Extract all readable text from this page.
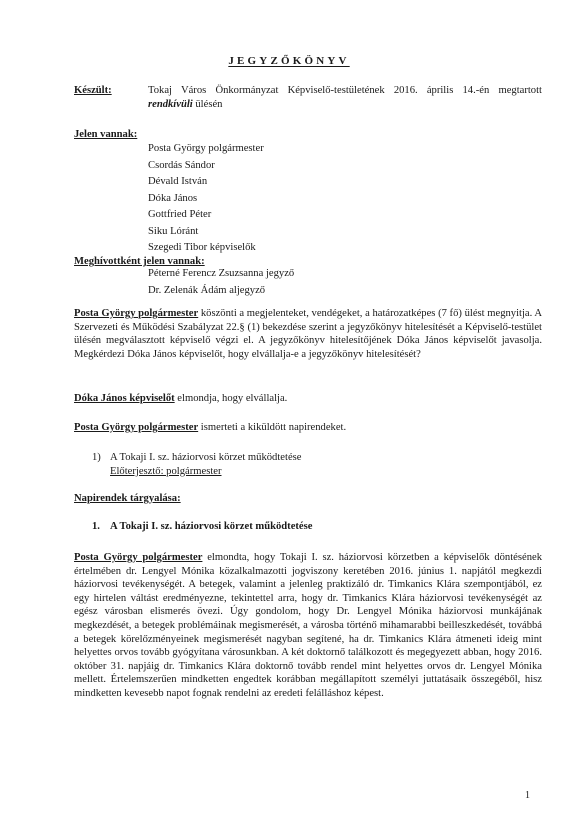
JEGYZŐKÖNYV
Készült:	Tokaj Város Önkormányzat Képviselő-testületének 2016. április 14.-én megtartott rendkívüli ülésén
Jelen vannak:
Posta György polgármester
Csordás Sándor
Dévald István
Dóka János
Gottfried Péter
Siku Lóránt
Szegedi Tibor képviselők
Meghívottként jelen vannak:
Péterné Ferencz Zsuzsanna jegyző
Dr. Zelenák Ádám aljegyző
Posta György polgármester köszönti a megjelenteket, vendégeket, a határozatképes (7 fő) ülést megnyitja. A Szervezeti és Működési Szabályzat 22.§ (1) bekezdése szerint a jegyzőkönyv hitelesítését a Képviselő-testület ülésén megválasztott képviselő végzi el. A jegyzőkönyv hitelesítőjének Dóka János képviselőt javasolja. Megkérdezi Dóka János képviselőt, hogy elvállalja-e a jegyzőkönyv hitelesítését?
Dóka János képviselőt elmondja, hogy elvállalja.
Posta György polgármester ismerteti a kiküldött napirendeket.
1) A Tokaji I. sz. háziorvosi körzet működtetése
Előterjesztő: polgármester
Napirendek tárgyalása:
1. A Tokaji I. sz. háziorvosi körzet működtetése
Posta György polgármester elmondta, hogy Tokaji I. sz. háziorvosi körzetben a képviselők döntésének értelmében dr. Lengyel Mónika közalkalmazotti jogviszony keretében 2016. június 1. napjától megkezdi háziorvosi tevékenységét. A betegek, valamint a jelenleg praktizáló dr. Timkanics Klára szempontjából, ez egy hirtelen váltást eredményezne, tekintettel arra, hogy dr. Timkanics Klára háziorvosi tevékenységét az egész városban elismerés övezi. Úgy gondolom, hogy Dr. Lengyel Mónika háziorvosi munkájának megkezdését, a betegek problémáinak megismerését, a városba történő mihamarabbi beilleszkedését, továbbá a betegek körelőzményeinek megismerését nagyban segítené, ha dr. Timkanics Klára átmeneti ideig mint helyettes orvos tovább gyógyítana városunkban. A két doktornő találkozott és megegyezett abban, hogy 2016. október 31. napjáig dr. Timkanics Klára doktornő tovább rendel mint helyettes orvos dr. Lengyel Mónika mellett. Értelemszerűen mindketten engedtek korábban megállapított személyi juttatásaik összegéből, hisz mindketten kevesebb napot fognak rendelni az eredeti felálláshoz képest.
1
